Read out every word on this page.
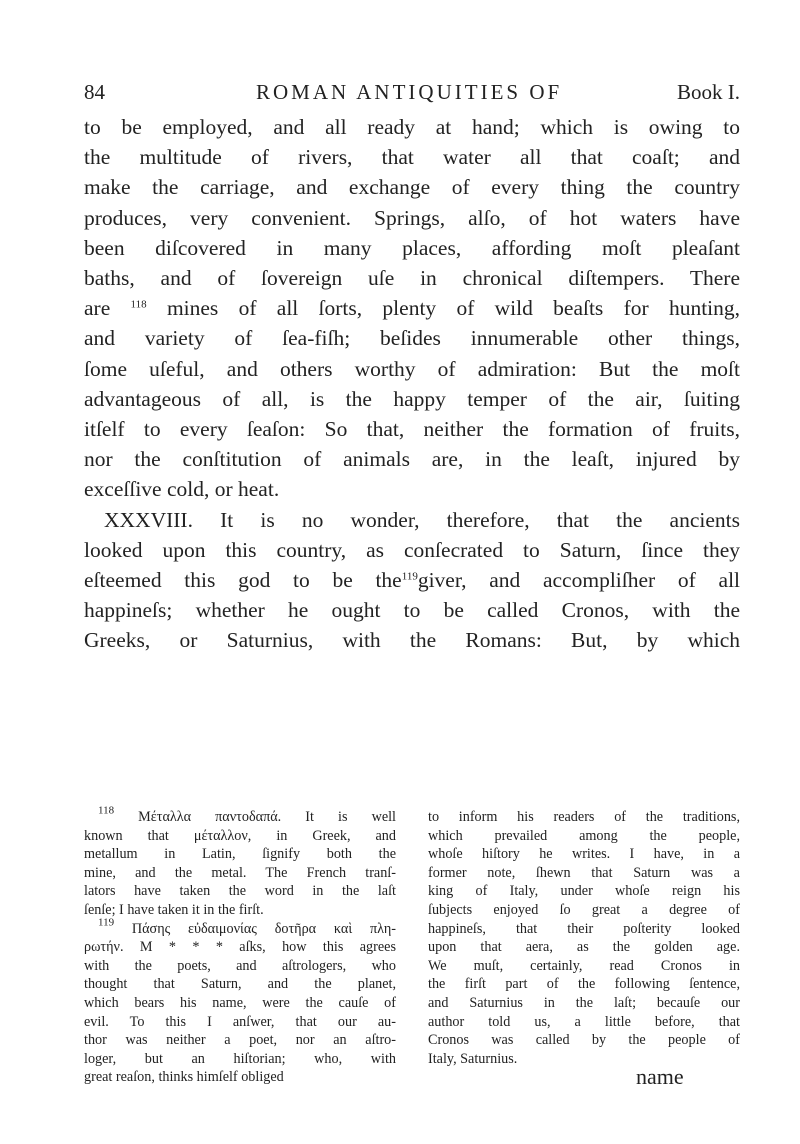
84	ROMAN ANTIQUITIES OF	Book I.
to be employed, and all ready at hand; which is owing to
the multitude of rivers, that water all that coaſt; and
make the carriage, and exchange of every thing the country
produces, very convenient. Springs, alſo, of hot waters have
been diſcovered in many places, affording moſt pleaſant
baths, and of ſovereign uſe in chronical diſtempers. There
are $^{118}$ mines of all ſorts, plenty of wild beaſts for hunting,
and variety of ſea-fiſh; beſides innumerable other things,
ſome uſeful, and others worthy of admiration: But the moſt
advantageous of all, is the happy temper of the air, ſuiting
itſelf to every ſeaſon: So that, neither the formation of fruits,
nor the conſtitution of animals are, in the leaſt, injured by
exceſſive cold, or heat.
XXXVIII. It is no wonder, therefore, that the ancients
looked upon this country, as conſecrated to Saturn, ſince they
eſteemed this god to be the$^{119}$giver, and accompliſher of all
happineſs; whether he ought to be called Cronos, with the
Greeks, or Saturnius, with the Romans: But, by which
$^{118}$ Μέταλλα παντοδαπά. It is well
known that μέταλλον, in Greek, and
metallum in Latin, ſignify both the
mine, and the metal. The French tranſ-
lators have taken the word in the laſt
ſenſe; I have taken it in the firſt.
$^{119}$ Πάσης εὐδαιμονίας δοτῆρα καὶ πλη-
ρωτήν. M * * * aſks, how this agrees
with the poets, and aſtrologers, who
thought that Saturn, and the planet,
which bears his name, were the cauſe of
evil. To this I anſwer, that our au-
thor was neither a poet, nor an aſtro-
loger, but an hiſtorian; who, with
great reaſon, thinks himſelf obliged
to inform his readers of the traditions,
which prevailed among the people,
whoſe hiſtory he writes. I have, in a
former note, ſhewn that Saturn was a
king of Italy, under whoſe reign his
ſubjects enjoyed ſo great a degree of
happineſs, that their poſterity looked
upon that aera, as the golden age.
We muſt, certainly, read Cronos in
the firſt part of the following ſentence,
and Saturnius in the laſt; becauſe our
author told us, a little before, that
Cronos was called by the people of
Italy, Saturnius.
name
